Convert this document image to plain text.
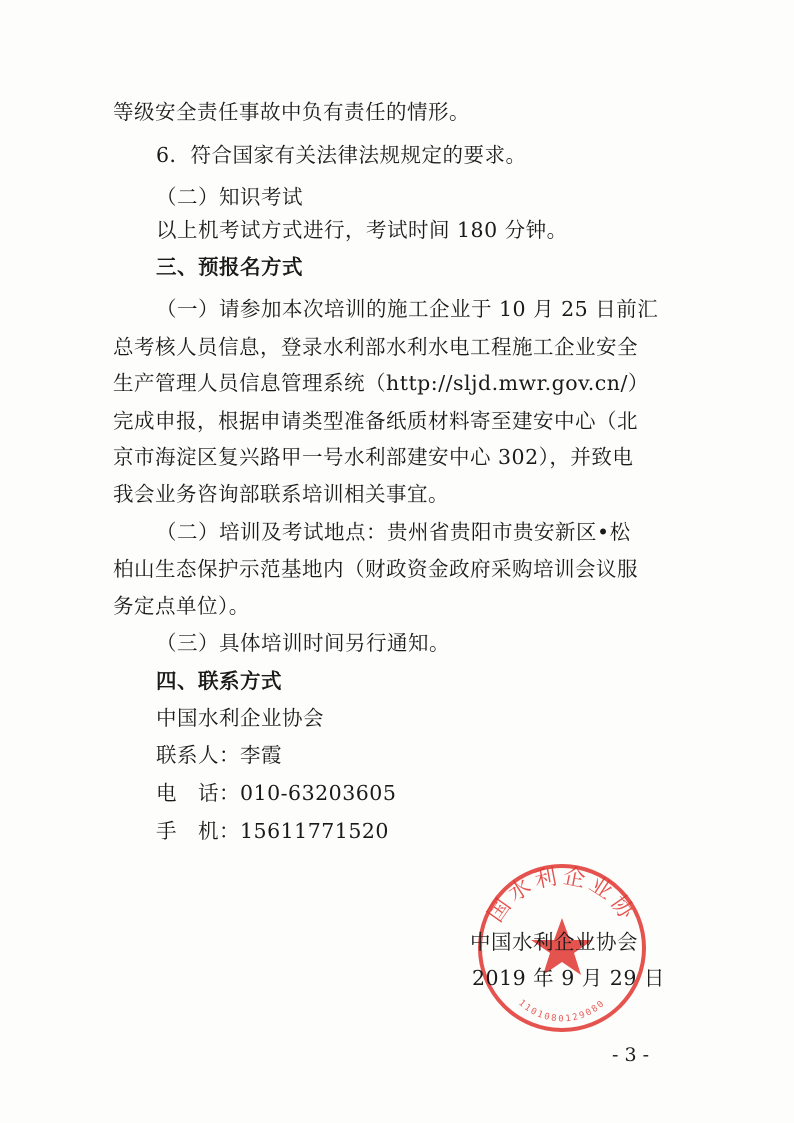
等级安全责任事故中负有责任的情形。
6．符合国家有关法律法规规定的要求。
（二）知识考试
以上机考试方式进行，考试时间 180 分钟。
三、预报名方式
（一）请参加本次培训的施工企业于 10 月 25 日前汇
总考核人员信息，登录水利部水利水电工程施工企业安全
生产管理人员信息管理系统（http://sljd.mwr.gov.cn/）
完成申报，根据申请类型准备纸质材料寄至建安中心（北
京市海淀区复兴路甲一号水利部建安中心 302），并致电
我会业务咨询部联系培训相关事宜。
（二）培训及考试地点：贵州省贵阳市贵安新区•松
柏山生态保护示范基地内（财政资金政府采购培训会议服
务定点单位）。
（三）具体培训时间另行通知。
四、联系方式
中国水利企业协会
联系人：李霞
电　话：010-63203605
手　机：15611771520
国水利企业协
1101080129080
中国水利企业协会
2019 年 9 月 29 日
- 3 -
